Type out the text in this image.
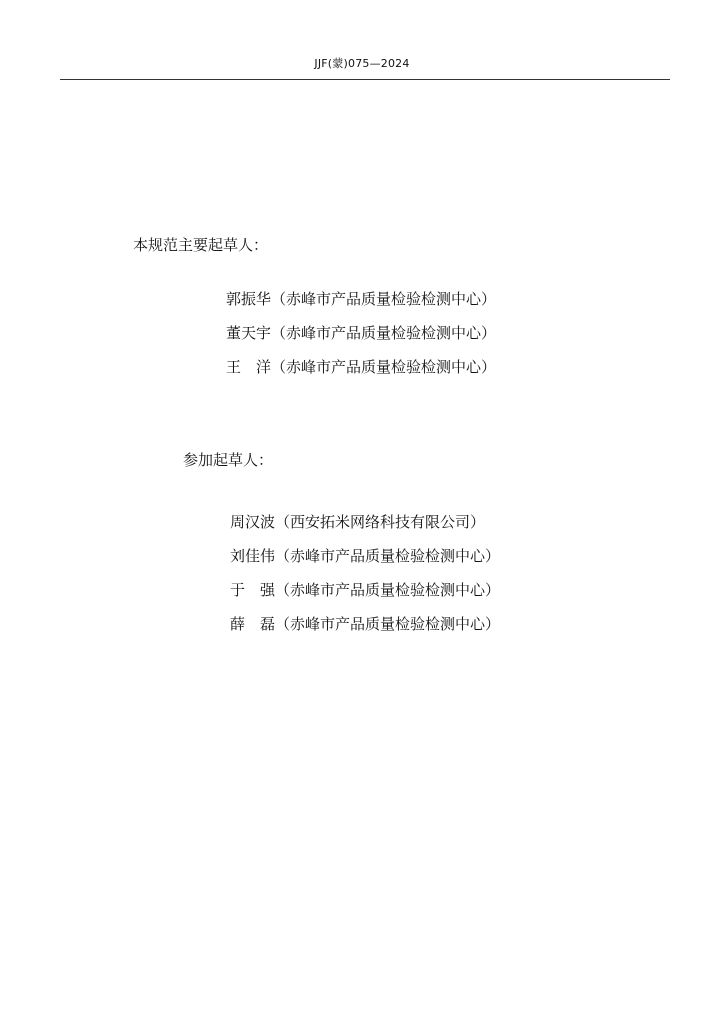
JJF(蒙)075—2024
本规范主要起草人：
郭振华（赤峰市产品质量检验检测中心）
董天宇（赤峰市产品质量检验检测中心）
王　洋（赤峰市产品质量检验检测中心）
参加起草人：
周汉波（西安拓米网络科技有限公司）
刘佳伟（赤峰市产品质量检验检测中心）
于　强（赤峰市产品质量检验检测中心）
薛　磊（赤峰市产品质量检验检测中心）
